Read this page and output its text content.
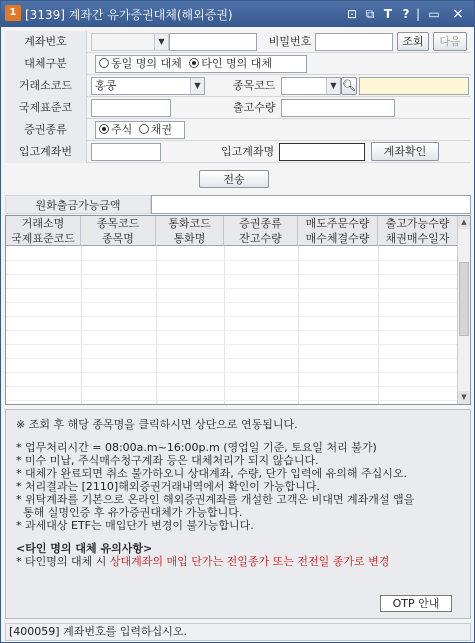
1 [3139] 계좌간 유가증권대체(해외증권)	⊡ ⧉ T ? | ▭ ×
계좌번호	▼	비밀번호	조회	다음
대체구분	동일 명의 대체 타인 명의 대체
거래소코드	홍콩	▼	종목코드	▼ 🔍︎
국제표준코	출고수량
증권종류	주식 채권
입고계좌번	입고계좌명	계좌확인
전송
원화출금가능금액
거래소명	종목코드	통화코드	증권종류	매도주문수량	출고가능수량
국제표준코드	종목명	통화명	잔고수량	매수체결수량	채권매수일자
▲
▼

※ 조회 후 해당 종목명을 클릭하시면 상단으로 연동됩니다.

* 업무처리시간 = 08:00a.m~16:00p.m (영업일 기준, 토요일 처리 불가)

* 미수 미납, 주식매수청구계좌 등은 대체처리가 되지 않습니다.

* 대체가 완료되면 취소 불가하오니 상대계좌, 수량, 단가 입력에 유의해 주십시오.

* 처리결과는 [2110]해외증권거래내역에서 확인이 가능합니다.

* 위탁계좌를 기본으로 온라인 해외증권계좌를 개설한 고객은 비대면 계좌개설 앱을

통해 실명인증 후 유가증권대체가 가능합니다.

* 과세대상 ETF는 매입단가 변경이 불가능합니다.

<타인 명의 대체 유의사항>

* 타인명의 대체 시 상대계좌의 매입 단가는 전일종가 또는 전전일 종가로 변경

OTP 안내
[400059] 계좌번호를 입력하십시오.
